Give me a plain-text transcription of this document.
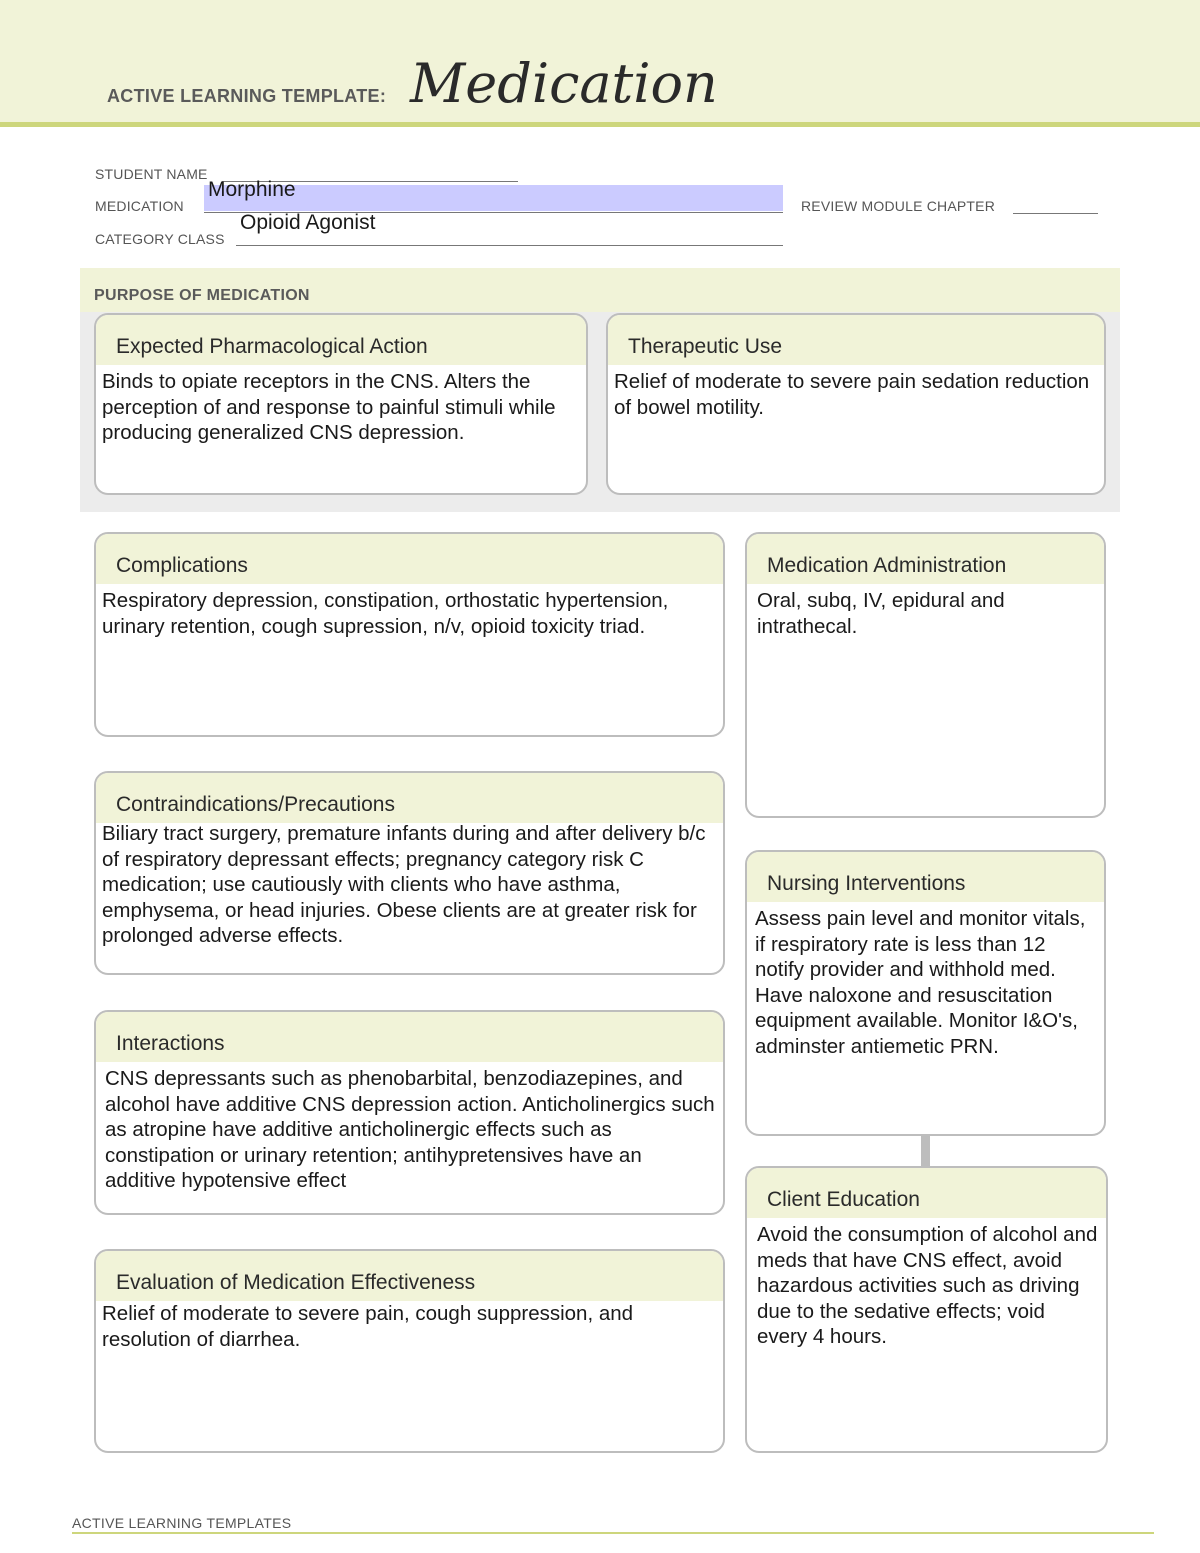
ACTIVE LEARNING TEMPLATE: Medication
STUDENT NAME
MEDICATION
Morphine
REVIEW MODULE CHAPTER
CATEGORY CLASS
Opioid Agonist
PURPOSE OF MEDICATION
Expected Pharmacological Action
Binds to opiate receptors in the CNS. Alters the perception of and response to painful stimuli while producing generalized CNS depression.
Therapeutic Use
Relief of moderate to severe pain sedation reduction of bowel motility.
Complications
Respiratory depression, constipation, orthostatic hypertension, urinary retention, cough supression, n/v, opioid toxicity triad.
Contraindications/Precautions
Biliary tract surgery, premature infants during and after delivery b/c of respiratory depressant effects; pregnancy category risk C medication; use cautiously with clients who have asthma, emphysema, or head injuries. Obese clients are at greater risk for prolonged adverse effects.
Interactions
CNS depressants such as phenobarbital, benzodiazepines, and alcohol have additive CNS depression action. Anticholinergics such as atropine have additive anticholinergic effects such as constipation or urinary retention; antihypretensives have an additive hypotensive effect
Evaluation of Medication Effectiveness
Relief of moderate to severe pain, cough suppression, and resolution of diarrhea.
Medication Administration
Oral, subq, IV, epidural and intrathecal.
Nursing Interventions
Assess pain level and monitor vitals, if respiratory rate is less than 12 notify provider and withhold med. Have naloxone and resuscitation equipment available. Monitor I&O's, adminster antiemetic PRN.
Client Education
Avoid the consumption of alcohol and meds that have CNS effect, avoid hazardous activities such as driving due to the sedative effects; void every 4 hours.
ACTIVE LEARNING TEMPLATES
